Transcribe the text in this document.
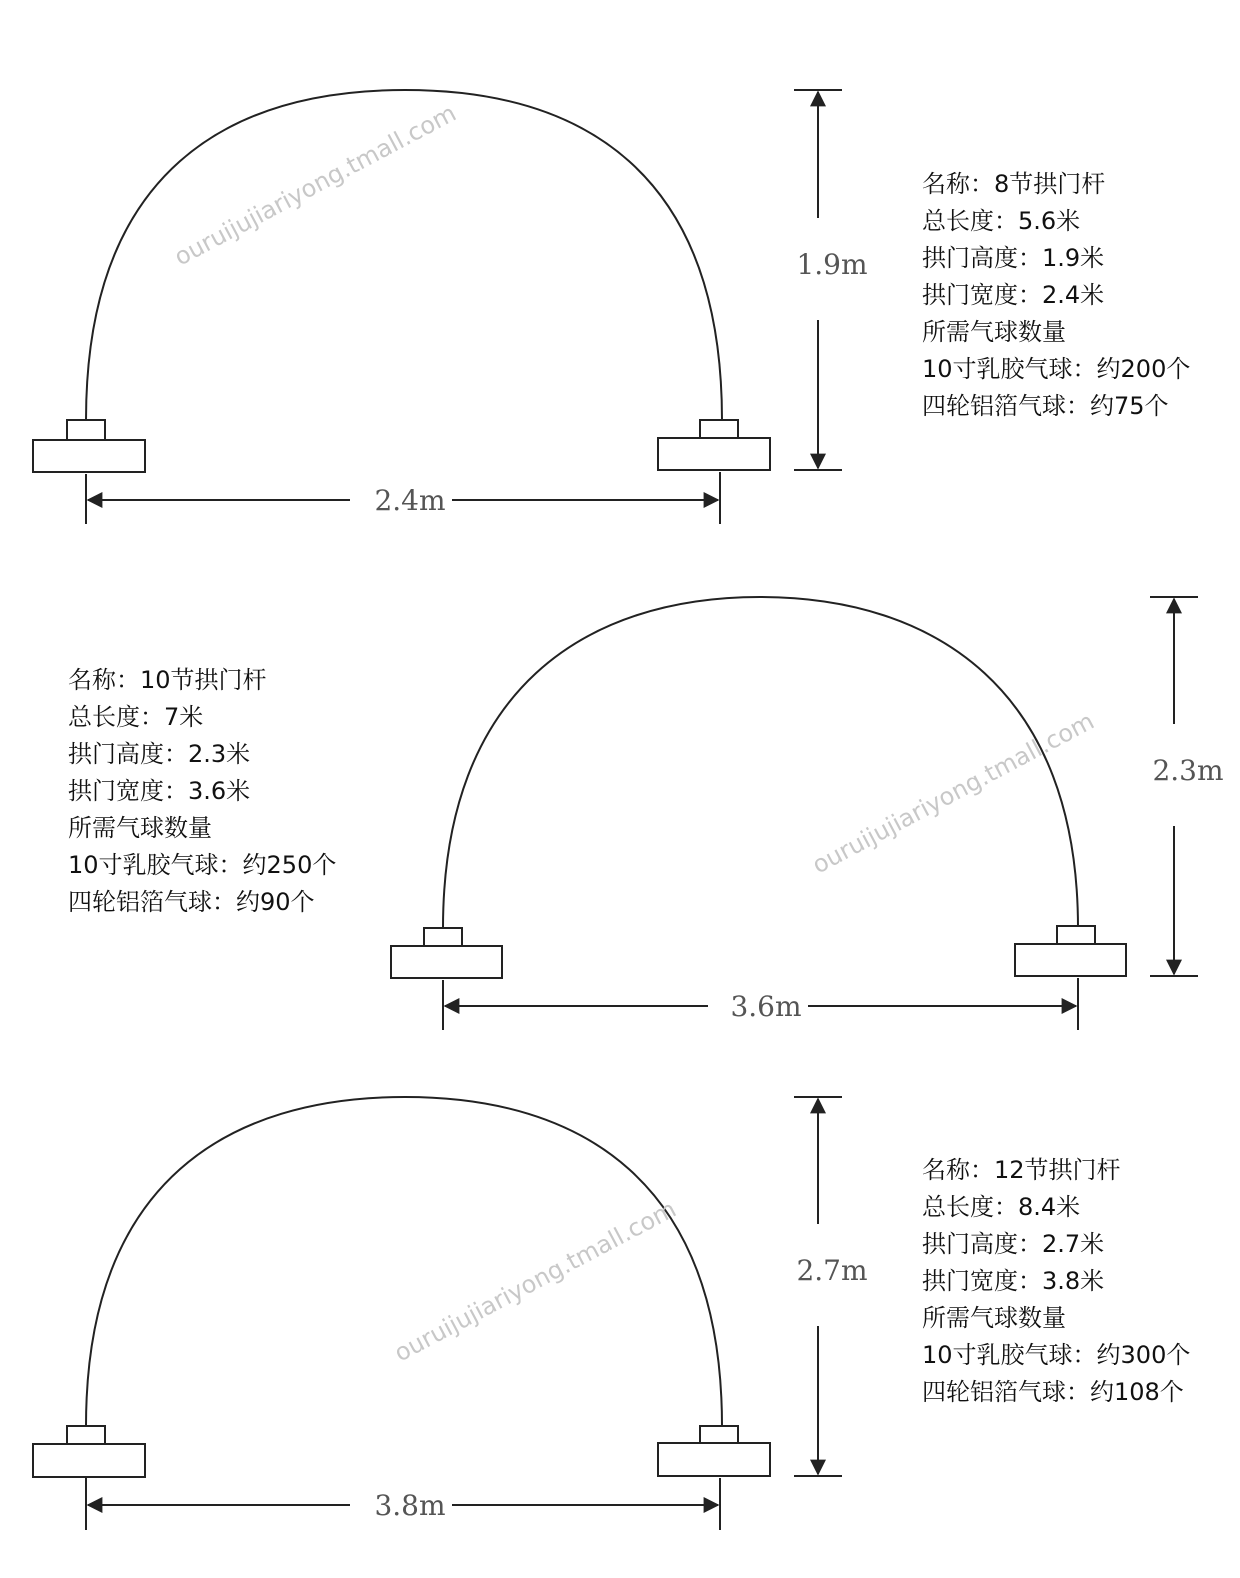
2.4m
1.9m
ouruijujiariyong.tmall.com
3.6m
2.3m
ouruijujiariyong.tmall.com
3.8m
2.7m
ouruijujiariyong.tmall.com
名称：8节拱门杆
总长度：5.6米
拱门高度：1.9米
拱门宽度：2.4米
所需气球数量
10寸乳胶气球：约200个
四轮铝箔气球：约75个
名称：10节拱门杆
总长度：7米
拱门高度：2.3米
拱门宽度：3.6米
所需气球数量
10寸乳胶气球：约250个
四轮铝箔气球：约90个
名称：12节拱门杆
总长度：8.4米
拱门高度：2.7米
拱门宽度：3.8米
所需气球数量
10寸乳胶气球：约300个
四轮铝箔气球：约108个
